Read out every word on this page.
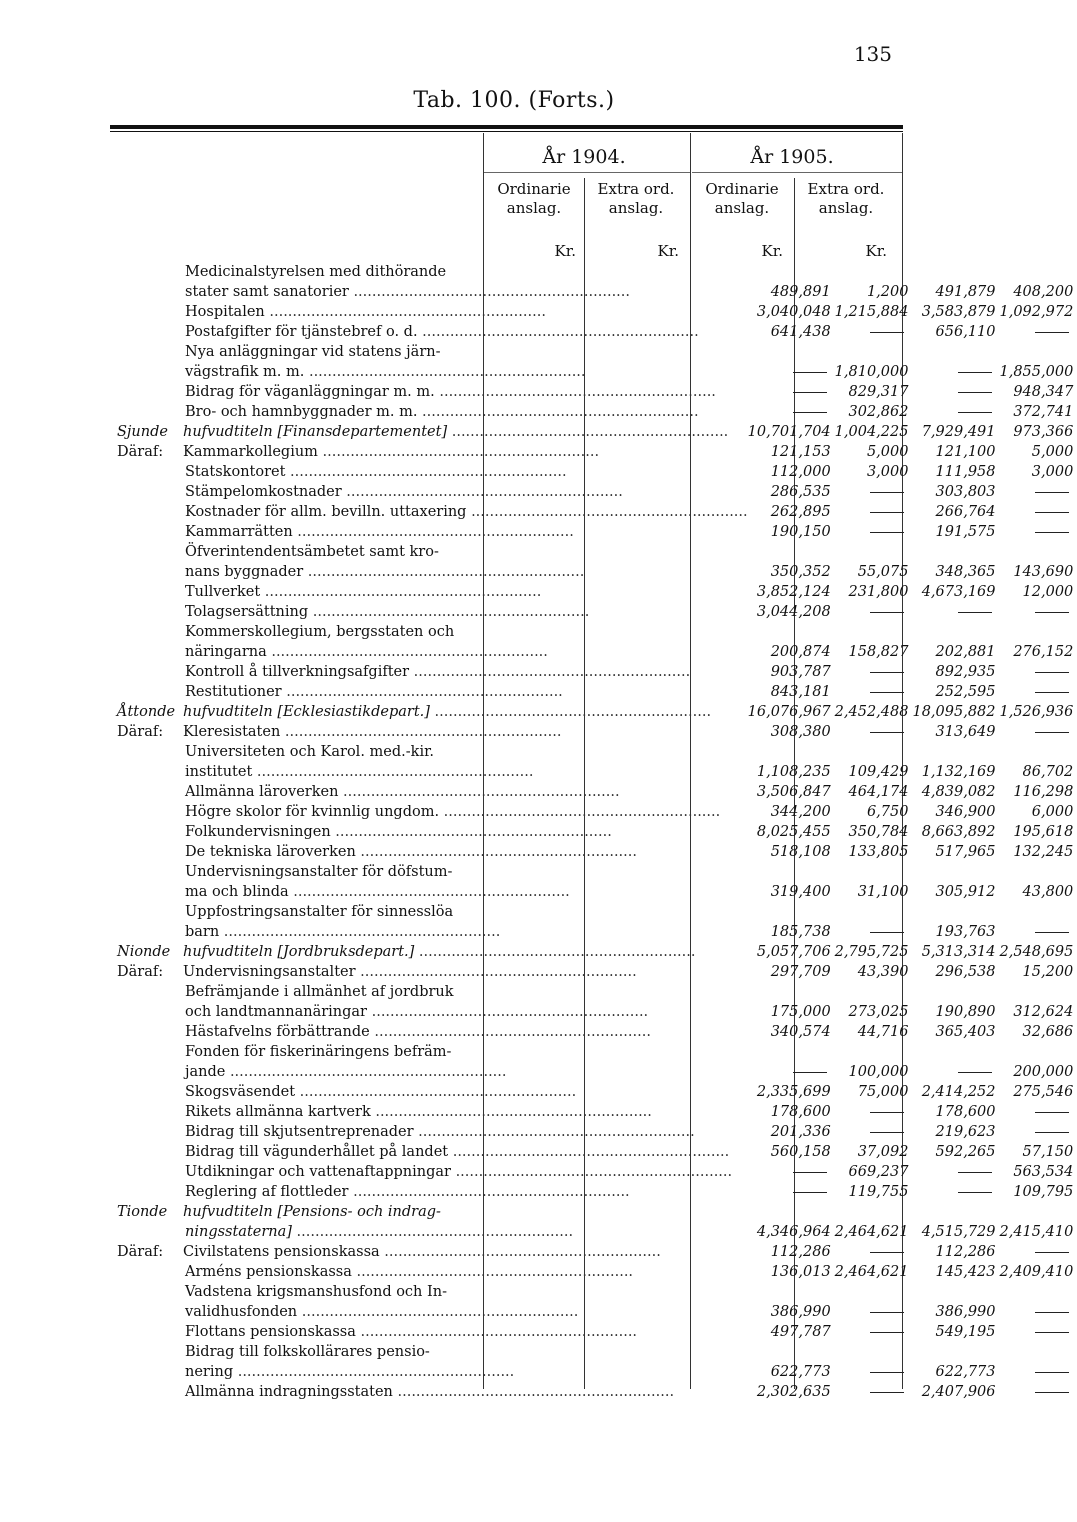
135
Tab. 100. (Forts.)
År 1904.	År 1905.
Ordinarie
anslag.
Extra ord.
anslag.
Ordinarie
anslag.
Extra ord.
anslag.
Kr.	Kr.	Kr.	Kr.
Medicinalstyrelsen med dithörande				
stater samt sanatorier ............................................................	489,891	1,200	491,879	408,200
Hospitalen ............................................................	3,040,048	1,215,884	3,583,879	1,092,972
Postafgifter för tjänstebref o. d. ............................................................	641,438		656,110	
Nya anläggningar vid statens järn-				
vägstrafik m. m. ............................................................		1,810,000		1,855,000
Bidrag för väganläggningar m. m. ............................................................		829,317		948,347
Bro- och hamnbyggnader m. m. ............................................................		302,862		372,741
Sjunde hufvudtiteln [Finansdepartementet] ............................................................	10,701,704	1,004,225	7,929,491	973,366
Däraf: Kammarkollegium ............................................................	121,153	5,000	121,100	5,000
Statskontoret ............................................................	112,000	3,000	111,958	3,000
Stämpelomkostnader ............................................................	286,535		303,803	
Kostnader för allm. bevilln. uttaxering ............................................................	262,895		266,764	
Kammarrätten ............................................................	190,150		191,575	
Öfverintendentsämbetet samt kro-				
nans byggnader ............................................................	350,352	55,075	348,365	143,690
Tullverket ............................................................	3,852,124	231,800	4,673,169	12,000
Tolagsersättning ............................................................	3,044,208			
Kommerskollegium, bergsstaten och				
näringarna ............................................................	200,874	158,827	202,881	276,152
Kontroll å tillverkningsafgifter ............................................................	903,787		892,935	
Restitutioner ............................................................	843,181		252,595	
Åttonde hufvudtiteln [Ecklesiastikdepart.] ............................................................	16,076,967	2,452,488	18,095,882	1,526,936
Däraf: Kleresistaten ............................................................	308,380		313,649	
Universiteten och Karol. med.-kir.				
institutet ............................................................	1,108,235	109,429	1,132,169	86,702
Allmänna läroverken ............................................................	3,506,847	464,174	4,839,082	116,298
Högre skolor för kvinnlig ungdom. ............................................................	344,200	6,750	346,900	6,000
Folkundervisningen ............................................................	8,025,455	350,784	8,663,892	195,618
De tekniska läroverken ............................................................	518,108	133,805	517,965	132,245
Undervisningsanstalter för döfstum-				
ma och blinda ............................................................	319,400	31,100	305,912	43,800
Uppfostringsanstalter för sinnesslöa				
barn ............................................................	185,738		193,763	
Nionde hufvudtiteln [Jordbruksdepart.] ............................................................	5,057,706	2,795,725	5,313,314	2,548,695
Däraf: Undervisningsanstalter ............................................................	297,709	43,390	296,538	15,200
Befrämjande i allmänhet af jordbruk				
och landtmannanäringar ............................................................	175,000	273,025	190,890	312,624
Hästafvelns förbättrande ............................................................	340,574	44,716	365,403	32,686
Fonden för fiskerinäringens befräm-				
jande ............................................................		100,000		200,000
Skogsväsendet ............................................................	2,335,699	75,000	2,414,252	275,546
Rikets allmänna kartverk ............................................................	178,600		178,600	
Bidrag till skjutsentreprenader ............................................................	201,336		219,623	
Bidrag till vägunderhållet på landet ............................................................	560,158	37,092	592,265	57,150
Utdikningar och vattenaftappningar ............................................................		669,237		563,534
Reglering af flottleder ............................................................		119,755		109,795
Tionde hufvudtiteln [Pensions- och indrag-				
ningsstaterna] ............................................................	4,346,964	2,464,621	4,515,729	2,415,410
Däraf: Civilstatens pensionskassa ............................................................	112,286		112,286	
Arméns pensionskassa ............................................................	136,013	2,464,621	145,423	2,409,410
Vadstena krigsmanshusfond och In-				
validhusfonden ............................................................	386,990		386,990	
Flottans pensionskassa ............................................................	497,787		549,195	
Bidrag till folkskollärares pensio-				
nering ............................................................	622,773		622,773	
Allmänna indragningsstaten ............................................................	2,302,635		2,407,906	
